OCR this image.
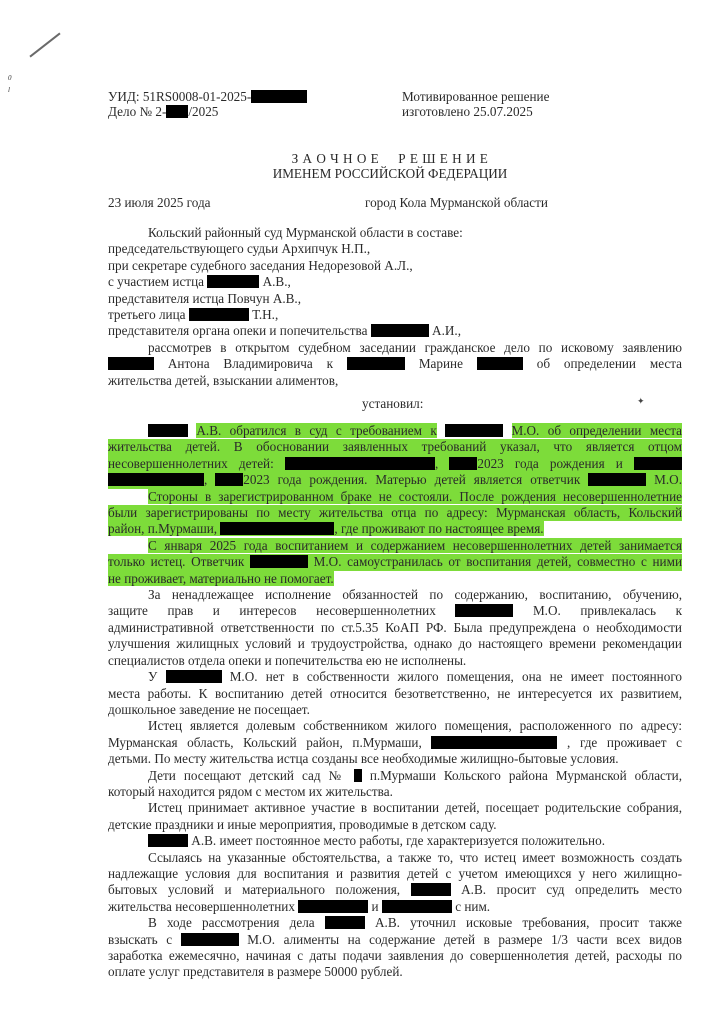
0
l	УИД: 51RS0008-01-2025-
Дело № 2- /2025
Мотивированное решение
изготовлено 25.07.2025
З А О Ч Н О Е     Р Е Ш Е Н И Е
ИМЕНЕМ РОССИЙСКОЙ ФЕДЕРАЦИИ
23 июля 2025 года	город Кола Мурманской области
Кольский районный суд Мурманской области в составе:
председательствующего судьи Архипчук Н.П.,
при секретаре судебного заседания Недорезовой А.Л.,
с участием истца	А.В.,
представителя истца Повчун А.В.,
третьего лица	Т.Н.,
представителя органа опеки и попечительства	А.И.,
рассмотрев в открытом судебном заседании гражданское дело по исковому заявлению
Антона Владимировича к	Марине	об определении места
жительства детей, взыскании алиментов,
установил:	✦
А.В. обратился в суд с требованием к	М.О. об определении места
жительства детей. В обосновании заявленных требований указал, что является отцом
несовершеннолетних детей:	,	2023 года рождения и
,	2023 года рождения. Матерью детей является ответчик	М.О.
Стороны в зарегистрированном браке не состояли. После рождения несовершеннолетние
были зарегистрированы по месту жительства отца по адресу: Мурманская область, Кольский
район, п.Мурмаши,	, где проживают по настоящее время.
С января 2025 года воспитанием и содержанием несовершеннолетних детей занимается
только истец. Ответчик	М.О. самоустранилась от воспитания детей, совместно с ними
не проживает, материально не помогает.
За ненадлежащее исполнение обязанностей по содержанию, воспитанию, обучению,
защите прав и интересов несовершеннолетних	М.О. привлекалась к
административной ответственности по ст.5.35 КоАП РФ. Была предупреждена о необходимости
улучшения жилищных условий и трудоустройства, однако до настоящего времени рекомендации
специалистов отдела опеки и попечительства ею не исполнены.
У	М.О. нет в собственности жилого помещения, она не имеет постоянного
места работы. К воспитанию детей относится безответственно, не интересуется их развитием,
дошкольное заведение не посещает.
Истец является долевым собственником жилого помещения, расположенного по адресу:
Мурманская область, Кольский район, п.Мурмаши,	, где проживает с
детьми. По месту жительства истца созданы все необходимые жилищно-бытовые условия.
Дети посещают детский сад № п.Мурмаши Кольского района Мурманской области,
который находится рядом с местом их жительства.
Истец принимает активное участие в воспитании детей, посещает родительские собрания,
детские праздники и иные мероприятия, проводимые в детском саду.
А.В. имеет постоянное место работы, где характеризуется положительно.
Ссылаясь на указанные обстоятельства, а также то, что истец имеет возможность создать
надлежащие условия для воспитания и развития детей с учетом имеющихся у него жилищно-
бытовых условий и материального положения,	А.В. просит суд определить место
жительства несовершеннолетних	и	с ним.
В ходе рассмотрения дела	А.В. уточнил исковые требования, просит также
взыскать с	М.О. алименты на содержание детей в размере 1/3 части всех видов
заработка ежемесячно, начиная с даты подачи заявления до совершеннолетия детей, расходы по
оплате услуг представителя в размере 50000 рублей.
